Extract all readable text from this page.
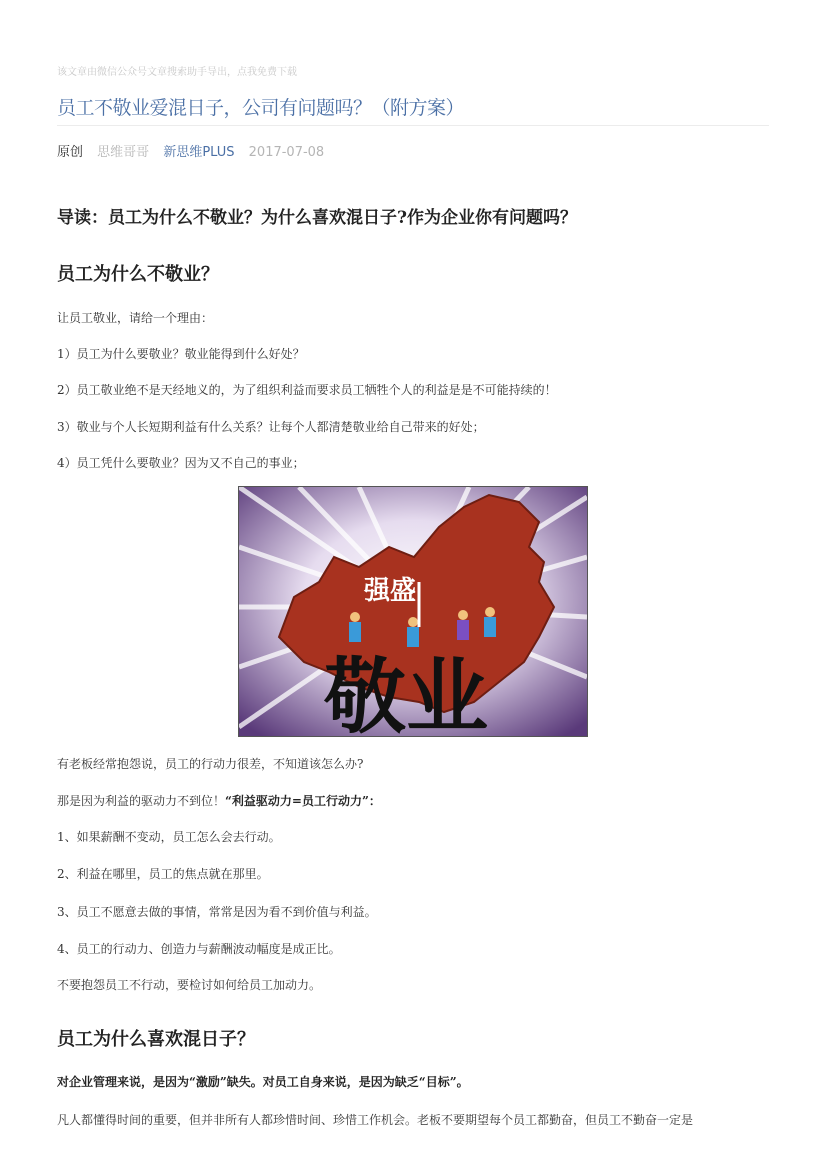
该文章由微信公众号文章搜索助手导出，点我免费下载
员工不敬业爱混日子，公司有问题吗？（附方案）
原创 思维哥哥 新思维PLUS 2017-07-08
导读：员工为什么不敬业？为什么喜欢混日子?作为企业你有问题吗？
员工为什么不敬业？
让员工敬业，请给一个理由：
1）员工为什么要敬业？敬业能得到什么好处？
2）员工敬业绝不是天经地义的，为了组织利益而要求员工牺牲个人的利益是是不可能持续的！
3）敬业与个人长短期利益有什么关系？让每个人都清楚敬业给自己带来的好处；
4）员工凭什么要敬业？因为又不自己的事业；
强盛
敬业
有老板经常抱怨说，员工的行动力很差，不知道该怎么办?
那是因为利益的驱动力不到位！“利益驱动力=员工行动力”：
1、如果薪酬不变动，员工怎么会去行动。
2、利益在哪里，员工的焦点就在那里。
3、员工不愿意去做的事情，常常是因为看不到价值与利益。
4、员工的行动力、创造力与薪酬波动幅度是成正比。
不要抱怨员工不行动，要检讨如何给员工加动力。
员工为什么喜欢混日子？
对企业管理来说，是因为“激励”缺失。对员工自身来说，是因为缺乏“目标”。
凡人都懂得时间的重要，但并非所有人都珍惜时间、珍惜工作机会。老板不要期望每个员工都勤奋，但员工不勤奋一定是
